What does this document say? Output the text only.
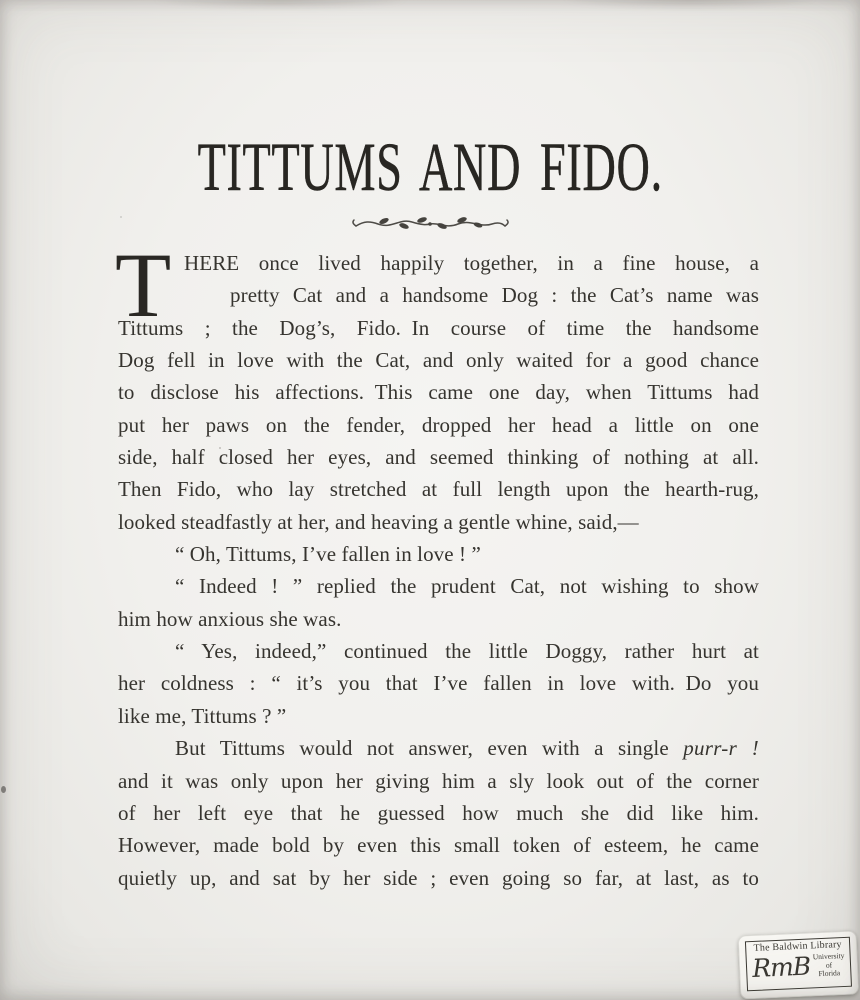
TITTUMS AND FIDO.
T HERE once lived happily together, in a fine house, a
pretty Cat and a handsome Dog : the Cat’s name was
Tittums ; the Dog’s, Fido. In course of time the handsome
Dog fell in love with the Cat, and only waited for a good chance
to disclose his affections. This came one day, when Tittums had
put her paws on the fender, dropped her head a little on one
side, half closed her eyes, and seemed thinking of nothing at all.
Then Fido, who lay stretched at full length upon the hearth-rug,
looked steadfastly at her, and heaving a gentle whine, said,—
“ Oh, Tittums, I’ve fallen in love ! ”
“ Indeed ! ” replied the prudent Cat, not wishing to show
him how anxious she was.
“ Yes, indeed,” continued the little Doggy, rather hurt at
her coldness : “ it’s you that I’ve fallen in love with. Do you
like me, Tittums ? ”
But Tittums would not answer, even with a single purr-r !
and it was only upon her giving him a sly look out of the corner
of her left eye that he guessed how much she did like him.
However, made bold by even this small token of esteem, he came
quietly up, and sat by her side ; even going so far, at last, as to
The Baldwin Library
RmB University
of
Florida
